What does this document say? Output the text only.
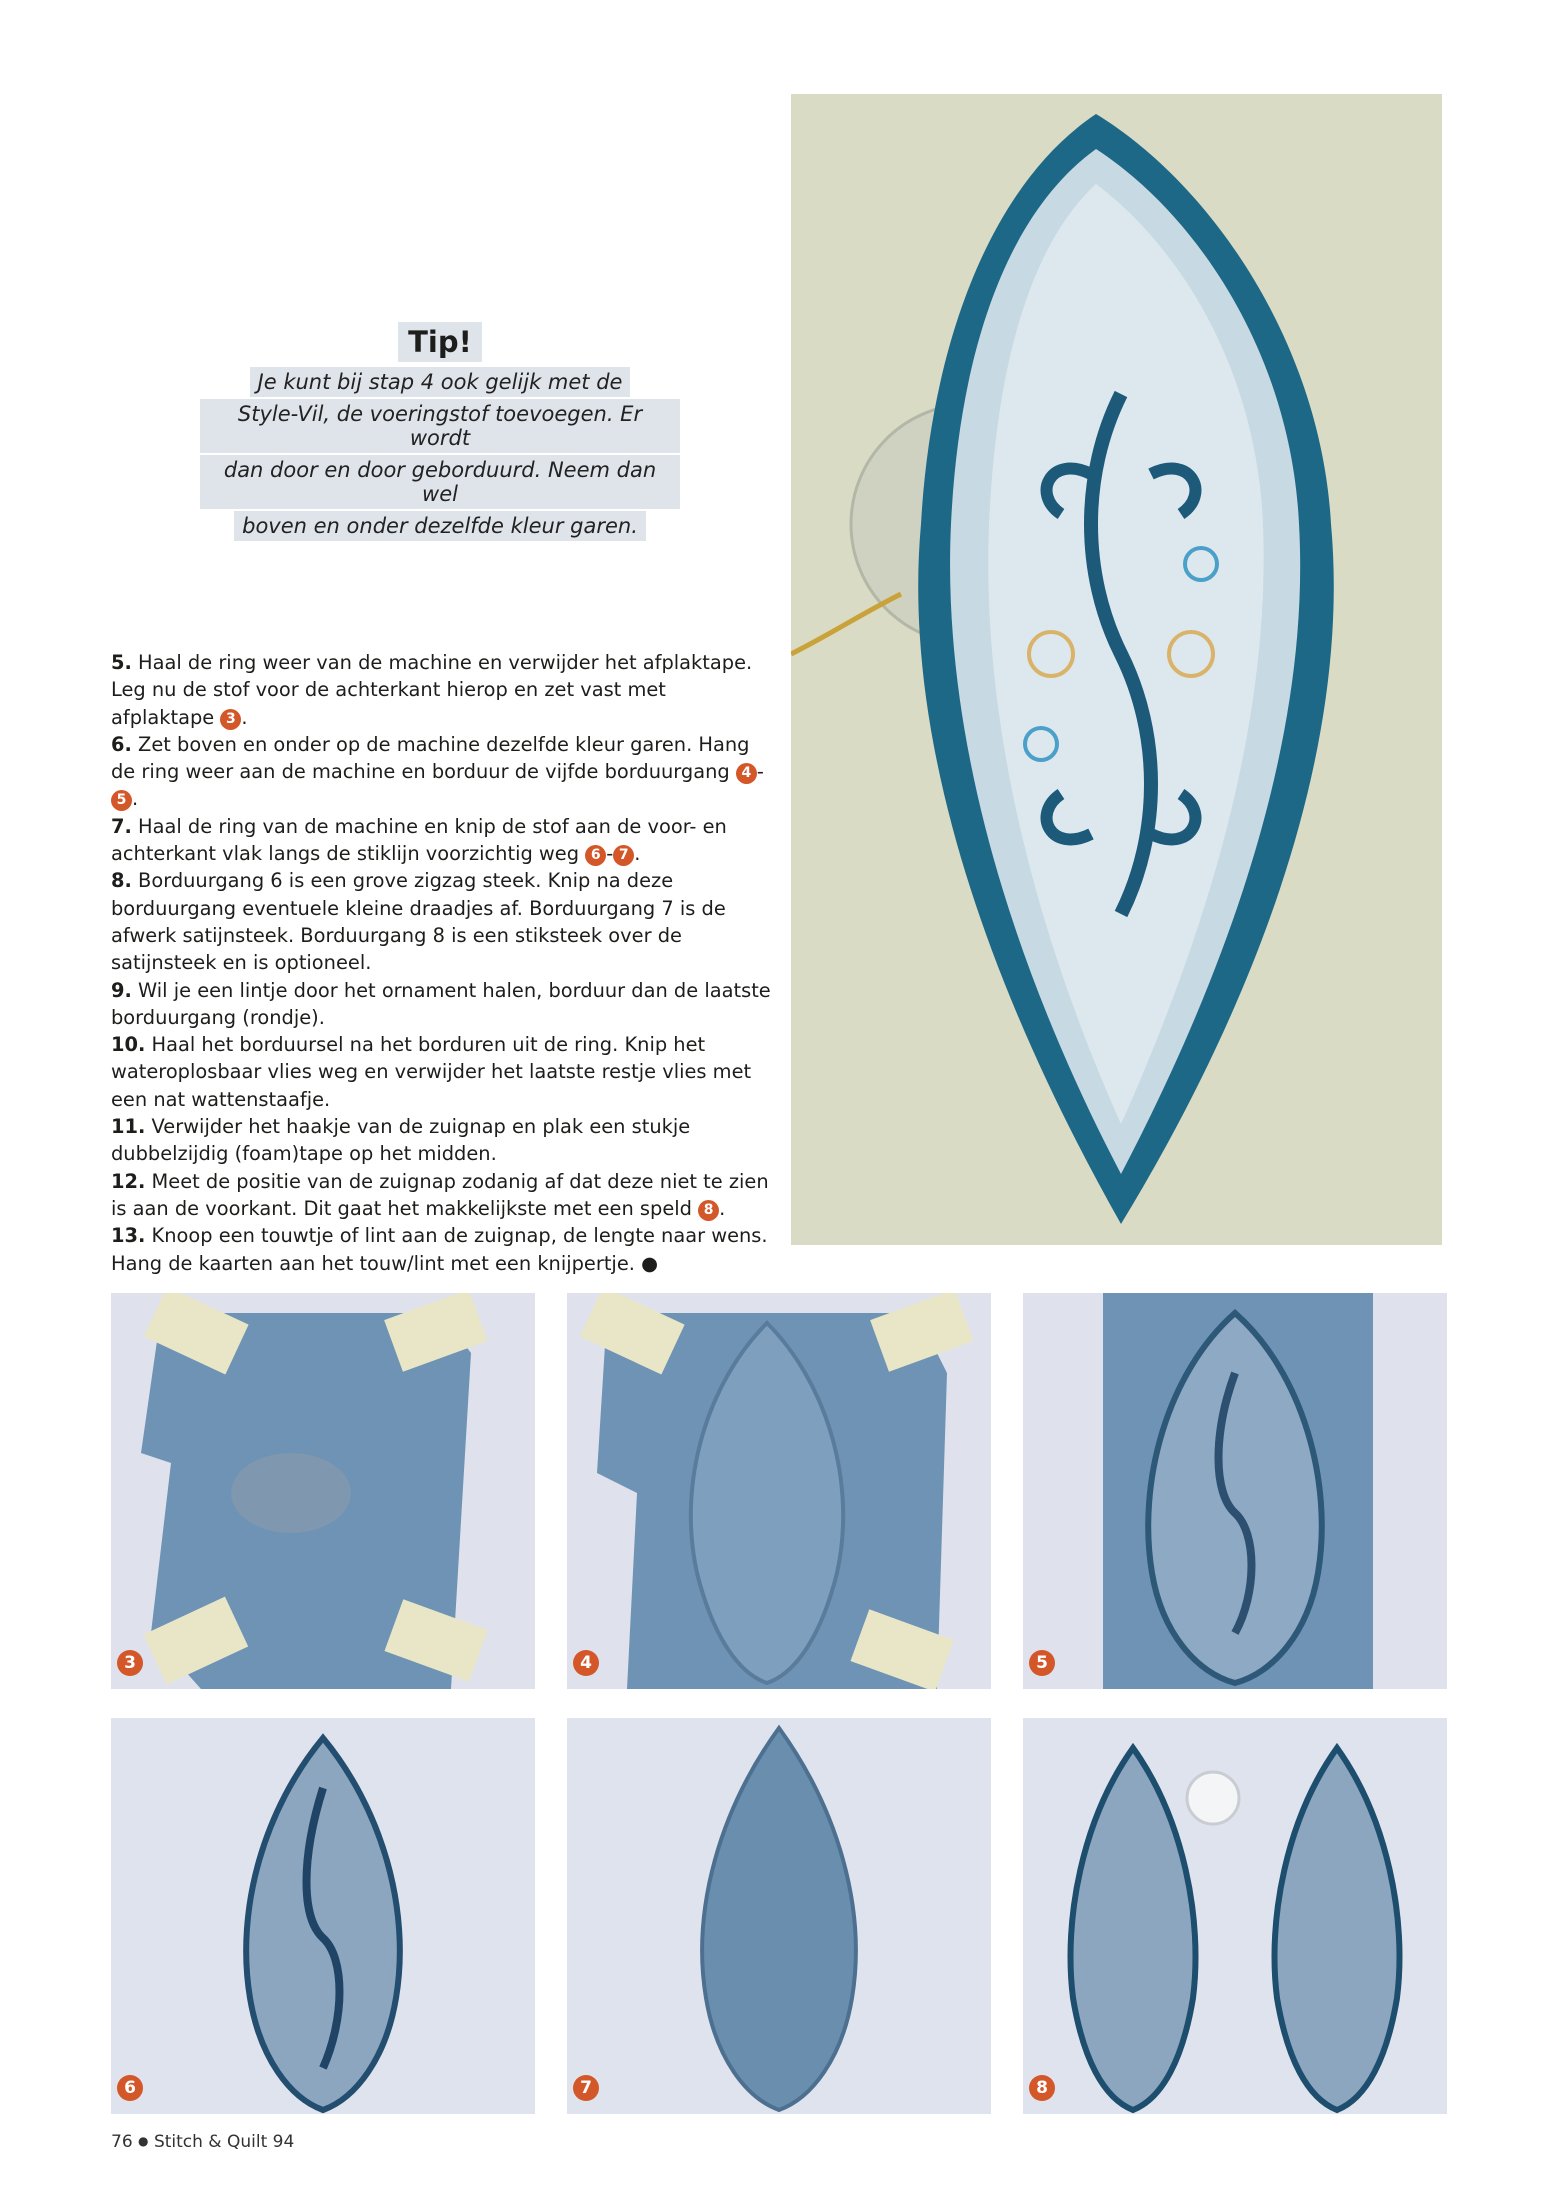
Tip!
Je kunt bij stap 4 ook gelijk met de
Style-Vil, de voeringstof toevoegen. Er wordt
dan door en door geborduurd. Neem dan wel
boven en onder dezelfde kleur garen.

5. Haal de ring weer van de machine en verwijder het afplaktape. Leg nu de stof voor de achterkant hierop en zet vast met afplaktape 3 .

6. Zet boven en onder op de machine dezelfde kleur garen. Hang de ring weer aan de machine en borduur de vijfde borduurgang 4 -5 .

7. Haal de ring van de machine en knip de stof aan de voor- en achterkant vlak langs de stiklijn voorzichtig weg 6 - 7 .

8. Borduurgang 6 is een grove zigzag steek. Knip na deze borduurgang eventuele kleine draadjes af. Borduurgang 7 is de afwerk satijnsteek. Borduurgang 8 is een stiksteek over de satijnsteek en is optioneel.

9. Wil je een lintje door het ornament halen, borduur dan de laatste borduurgang (rondje).

10. Haal het borduursel na het borduren uit de ring. Knip het wateroplosbaar vlies weg en verwijder het laatste restje vlies met een nat wattenstaafje.

11. Verwijder het haakje van de zuignap en plak een stukje dubbelzijdig (foam)tape op het midden.

12. Meet de positie van de zuignap zodanig af dat deze niet te zien is aan de voorkant. Dit gaat het makkelijkste met een speld 8 .

13. Knoop een touwtje of lint aan de zuignap, de lengte naar wens. Hang de kaarten aan het touw/lint met een knijpertje. ●

3	4	5
6	7	8
76 ● Stitch & Quilt 94
